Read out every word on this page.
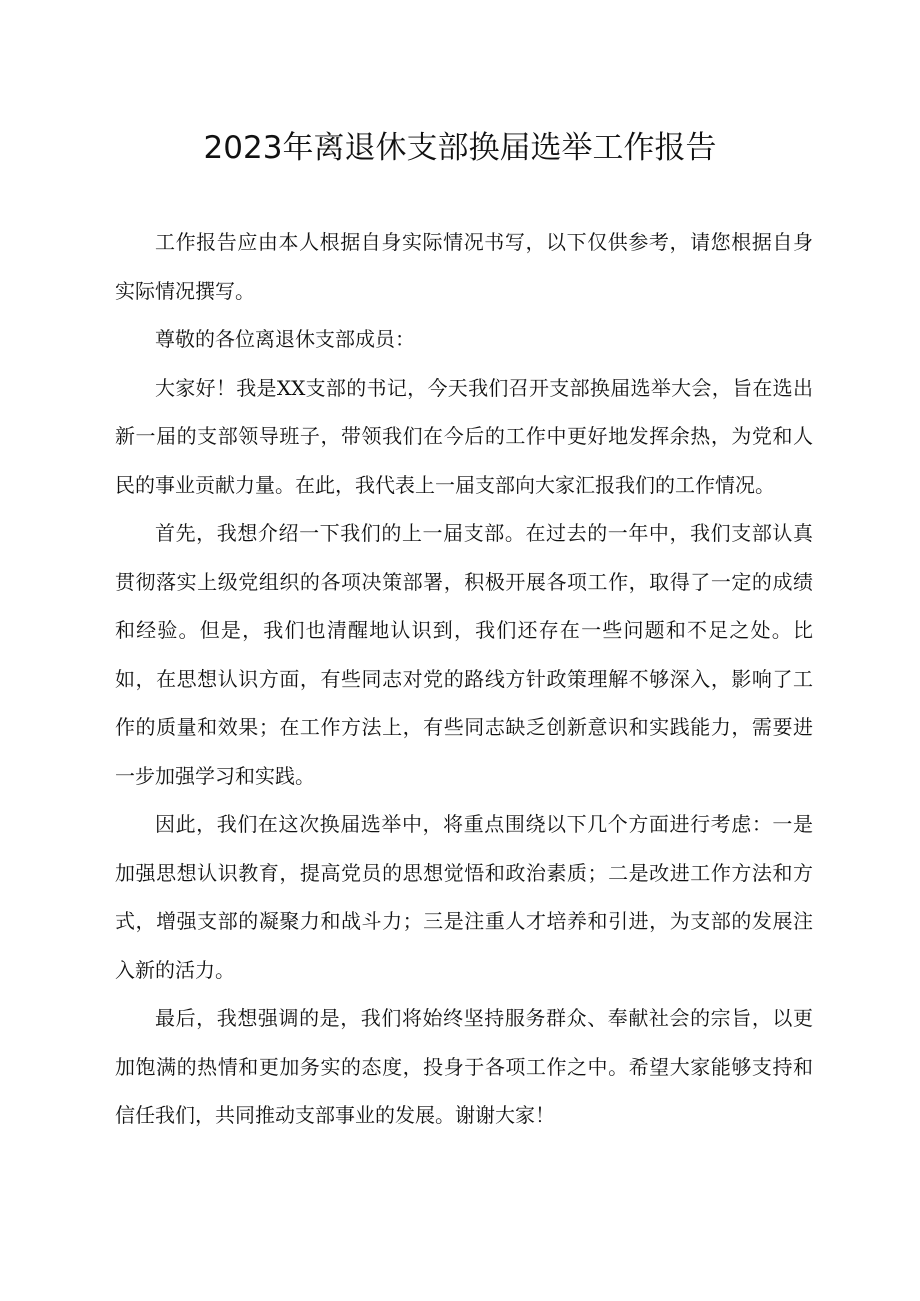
2023年离退休支部换届选举工作报告

工作报告应由本人根据自身实际情况书写，以下仅供参考，请您根据自身实际情况撰写。

尊敬的各位离退休支部成员：

大家好！我是XX支部的书记，今天我们召开支部换届选举大会，旨在选出新一届的支部领导班子，带领我们在今后的工作中更好地发挥余热，为党和人民的事业贡献力量。在此，我代表上一届支部向大家汇报我们的工作情况。

首先，我想介绍一下我们的上一届支部。在过去的一年中，我们支部认真贯彻落实上级党组织的各项决策部署，积极开展各项工作，取得了一定的成绩和经验。但是，我们也清醒地认识到，我们还存在一些问题和不足之处。比如，在思想认识方面，有些同志对党的路线方针政策理解不够深入，影响了工作的质量和效果；在工作方法上，有些同志缺乏创新意识和实践能力，需要进一步加强学习和实践。

因此，我们在这次换届选举中，将重点围绕以下几个方面进行考虑：一是加强思想认识教育，提高党员的思想觉悟和政治素质；二是改进工作方法和方式，增强支部的凝聚力和战斗力；三是注重人才培养和引进，为支部的发展注入新的活力。

最后，我想强调的是，我们将始终坚持服务群众、奉献社会的宗旨，以更加饱满的热情和更加务实的态度，投身于各项工作之中。希望大家能够支持和信任我们，共同推动支部事业的发展。谢谢大家！
